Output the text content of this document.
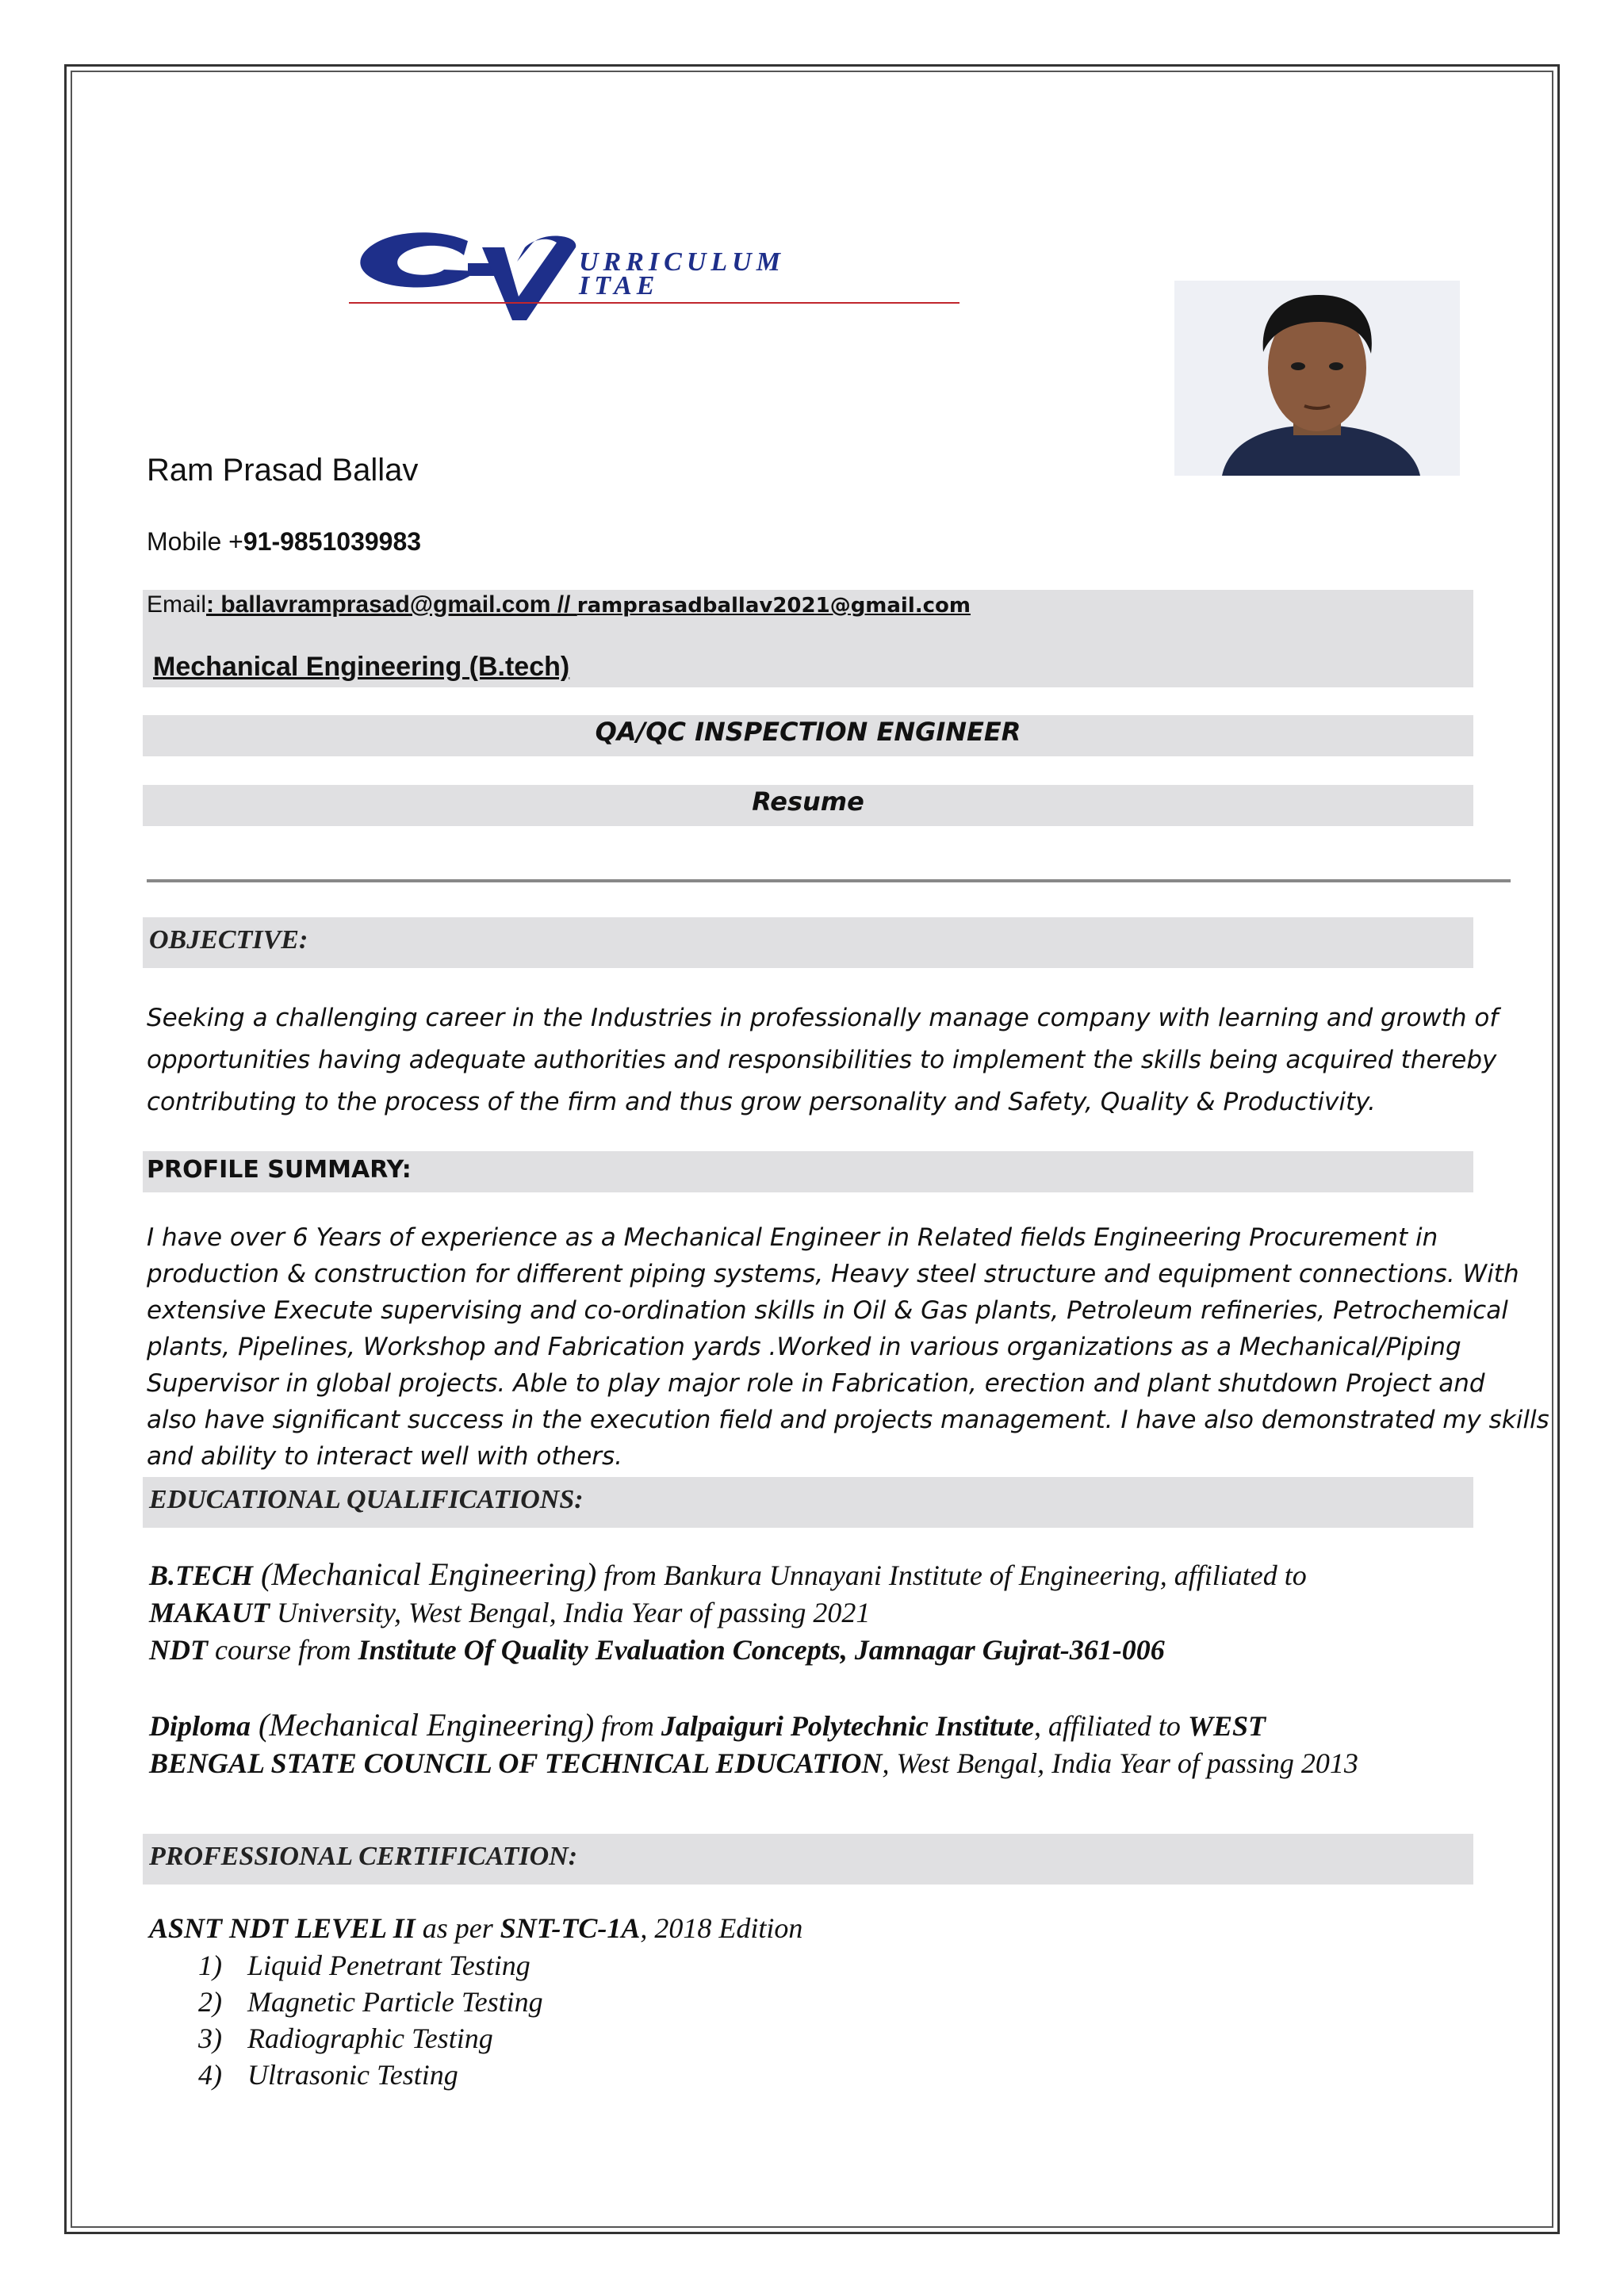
URRICULUM
ITAE
Ram Prasad Ballav
Mobile +91-9851039983
Email: ballavramprasad@gmail.com // ramprasadballav2021@gmail.com
Mechanical Engineering (B.tech)
QA/QC INSPECTION ENGINEER
Resume
OBJECTIVE:
Seeking a challenging career in the Industries in professionally manage company with learning and growth of
opportunities having adequate authorities and responsibilities to implement the skills being acquired thereby
contributing to the process of the firm and thus grow personality and Safety, Quality & Productivity.
PROFILE SUMMARY:
I have over 6 Years of experience as a Mechanical Engineer in Related fields Engineering Procurement in
production & construction for different piping systems, Heavy steel structure and equipment connections. With
extensive Execute supervising and co-ordination skills in Oil & Gas plants, Petroleum refineries, Petrochemical
plants, Pipelines, Workshop and Fabrication yards .Worked in various organizations as a Mechanical/Piping
Supervisor in global projects. Able to play major role in Fabrication, erection and plant shutdown Project and
also have significant success in the execution field and projects management. I have also demonstrated my skills
and ability to interact well with others.
EDUCATIONAL QUALIFICATIONS:
B.TECH (Mechanical Engineering) from Bankura Unnayani Institute of Engineering, affiliated to
MAKAUT University, West Bengal, India Year of passing 2021
NDT course from Institute Of Quality Evaluation Concepts, Jamnagar Gujrat-361-006
Diploma (Mechanical Engineering) from Jalpaiguri Polytechnic Institute, affiliated to WEST
BENGAL STATE COUNCIL OF TECHNICAL EDUCATION, West Bengal, India Year of passing 2013
PROFESSIONAL CERTIFICATION:
ASNT NDT LEVEL II as per SNT-TC-1A, 2018 Edition
1) Liquid Penetrant Testing
2) Magnetic Particle Testing
3) Radiographic Testing
4) Ultrasonic Testing
